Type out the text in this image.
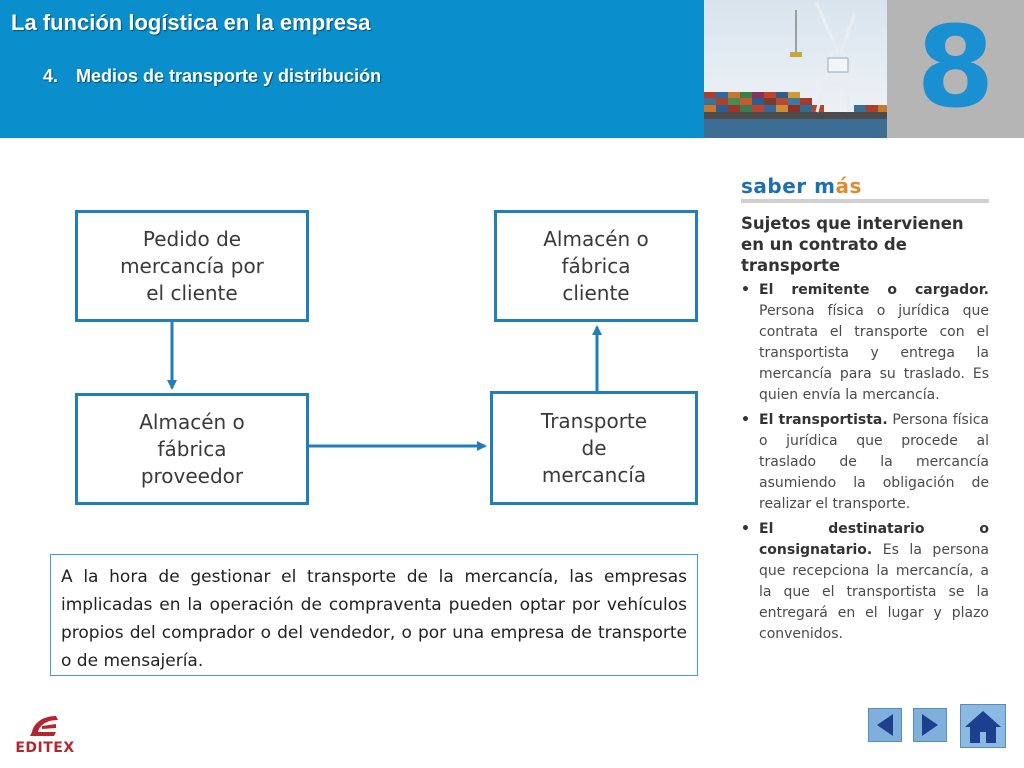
La función logística en la empresa
4. Medios de transporte y distribución	8
Pedido de
mercancía por
el cliente
Almacén o
fábrica
cliente
Almacén o
fábrica
proveedor
Transporte
de
mercancía
A la hora de gestionar el transporte de la mercancía, las empresas implicadas en la operación de compraventa pueden optar por vehículos propios del comprador o del vendedor, o por una empresa de transporte o de mensajería.
saber más
Sujetos que intervienen en un contrato de transporte
• El remitente o cargador. Persona física o jurídica que contrata el transporte con el transportista y entrega la mercancía para su traslado. Es quien envía la mercancía.
• El transportista. Persona física o jurídica que procede al traslado de la mercancía asumiendo la obligación de realizar el transporte.
• El destinatario o consignatario. Es la persona que recepciona la mercancía, a la que el transportista se la entregará en el lugar y plazo convenidos.
EDITEX
